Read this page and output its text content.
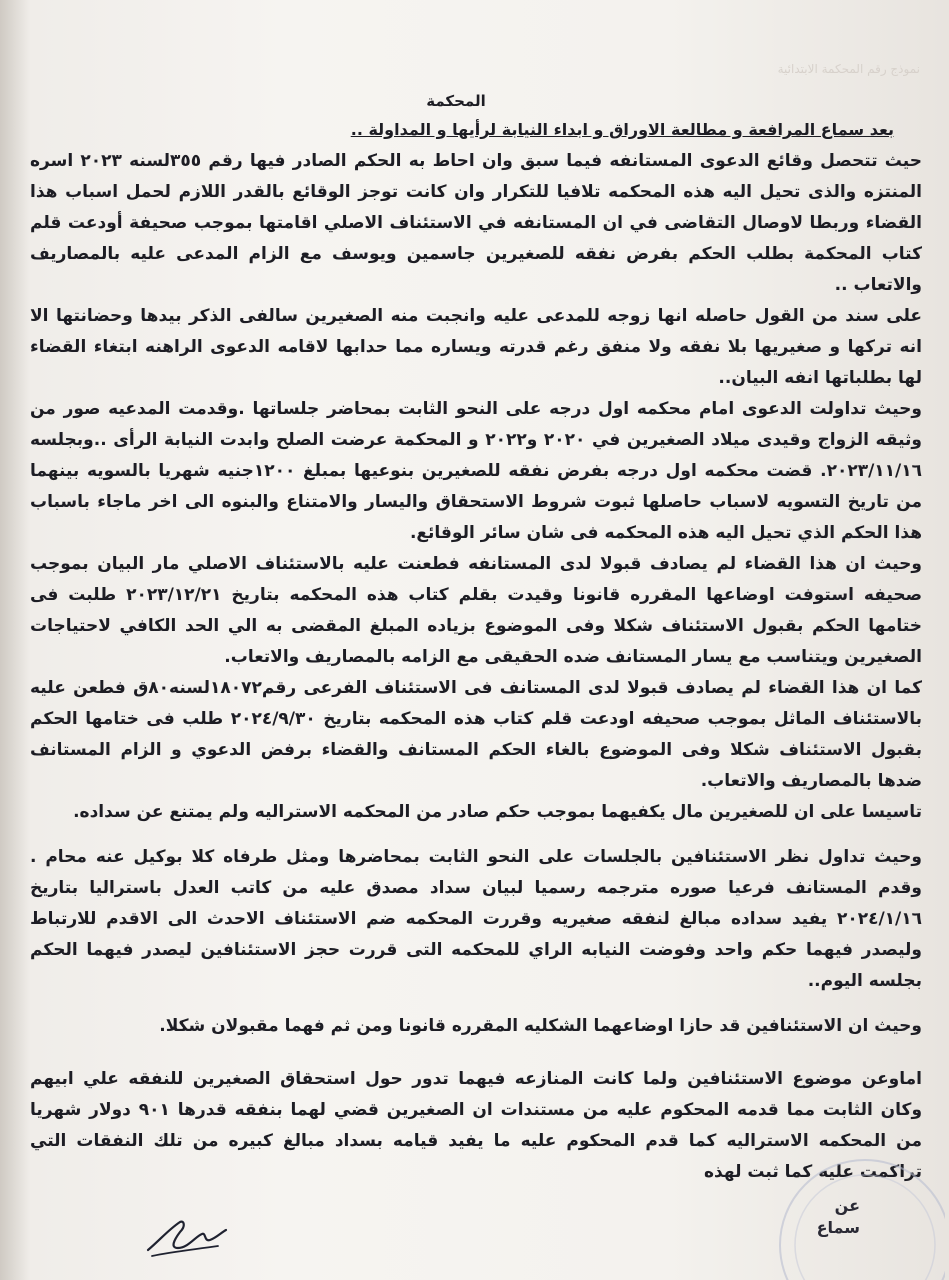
نموذج رقم المحكمة الابتدائية
المحكمة
بعد سماع المرافعة و مطالعة الاوراق و ابداء النيابة لرأيها و المداولة ..

حيث تتحصل وقائع الدعوى المستانفه فيما سبق وان احاط به الحكم الصادر فيها رقم ٣٥٥لسنه ٢٠٢٣ اسره المنتزه والذى تحيل اليه هذه المحكمه تلافيا للتكرار وان كانت توجز الوقائع بالقدر اللازم لحمل اسباب هذا القضاء وربطا لاوصال التقاضى في ان المستانفه في الاستئناف الاصلي اقامتها بموجب صحيفة أودعت قلم كتاب المحكمة بطلب الحكم بفرض نفقه للصغيرين جاسمين ويوسف مع الزام المدعى عليه بالمصاريف والاتعاب ..

على سند من القول حاصله انها زوجه للمدعى عليه وانجبت منه الصغيرين سالفى الذكر بيدها وحضانتها الا انه تركها و صغيريها بلا نفقه ولا منفق رغم قدرته ويساره مما حدابها لاقامه الدعوى الراهنه ابتغاء القضاء لها بطلباتها انفه البيان..

وحيث تداولت الدعوى امام محكمه اول درجه على النحو الثابت بمحاضر جلساتها .وقدمت المدعيه صور من وثيقه الزواج وقيدى ميلاد الصغيرين في ٢٠٢٠ و٢٠٢٢ و المحكمة عرضت الصلح وابدت النيابة الرأى ..وبجلسه ٢٠٢٣/١١/١٦. قضت محكمه اول درجه بفرض نفقه للصغيرين بنوعيها بمبلغ ١٢٠٠جنيه شهريا بالسويه بينهما من تاريخ التسويه لاسباب حاصلها ثبوت شروط الاستحقاق واليسار والامتناع والبنوه الى اخر ماجاء باسباب هذا الحكم الذي تحيل اليه هذه المحكمه فى شان سائر الوقائع.

وحيث ان هذا القضاء لم يصادف قبولا لدى المستانفه فطعنت عليه بالاستئناف الاصلي مار البيان بموجب صحيفه استوفت اوضاعها المقرره قانونا وقيدت بقلم كتاب هذه المحكمه بتاريخ ٢٠٢٣/١٢/٢١ طلبت فى ختامها الحكم بقبول الاستئناف شكلا وفى الموضوع بزياده المبلغ المقضى به الي الحد الكافي لاحتياجات الصغيرين ويتناسب مع يسار المستانف ضده الحقيقى مع الزامه بالمصاريف والاتعاب.

كما ان هذا القضاء لم يصادف قبولا لدى المستانف فى الاستئناف الفرعى رقم١٨٠٧٢لسنه٨٠ق فطعن عليه بالاستئناف الماثل بموجب صحيفه اودعت قلم كتاب هذه المحكمه بتاريخ ٢٠٢٤/٩/٣٠ طلب فى ختامها الحكم بقبول الاستئناف شكلا وفى الموضوع بالغاء الحكم المستانف والقضاء برفض الدعوي و الزام المستانف ضدها بالمصاريف والاتعاب.

تاسيسا على ان للصغيرين مال يكفيهما بموجب حكم صادر من المحكمه الاستراليه ولم يمتنع عن سداده.

وحيث تداول نظر الاستئنافين بالجلسات على النحو الثابت بمحاضرها ومثل طرفاه كلا بوكيل عنه محام . وقدم المستانف فرعيا صوره مترجمه رسميا لبيان سداد مصدق عليه من كاتب العدل باستراليا بتاريخ ٢٠٢٤/١/١٦ يفيد سداده مبالغ لنفقه صغيريه وقررت المحكمه ضم الاستئناف الاحدث الى الاقدم للارتباط وليصدر فيهما حكم واحد وفوضت النيابه الراي للمحكمه التى قررت حجز الاستئنافين ليصدر فيهما الحكم بجلسه اليوم..

وحيث ان الاستئنافين قد حازا اوضاعهما الشكليه المقرره قانونا ومن ثم فهما مقبولان شكلا.

اماوعن موضوع الاستئنافين ولما كانت المنازعه فيهما تدور حول استحقاق الصغيرين للنفقه علي ابيهم وكان الثابت مما قدمه المحكوم عليه من مستندات ان الصغيرين قضي لهما بنفقه قدرها ٩٠١ دولار شهريا من المحكمه الاستراليه كما قدم المحكوم عليه ما يفيد قيامه بسداد مبالغ كبيره من تلك النفقات التي تراكمت عليه كما ثبت لهذه

عن سماع
